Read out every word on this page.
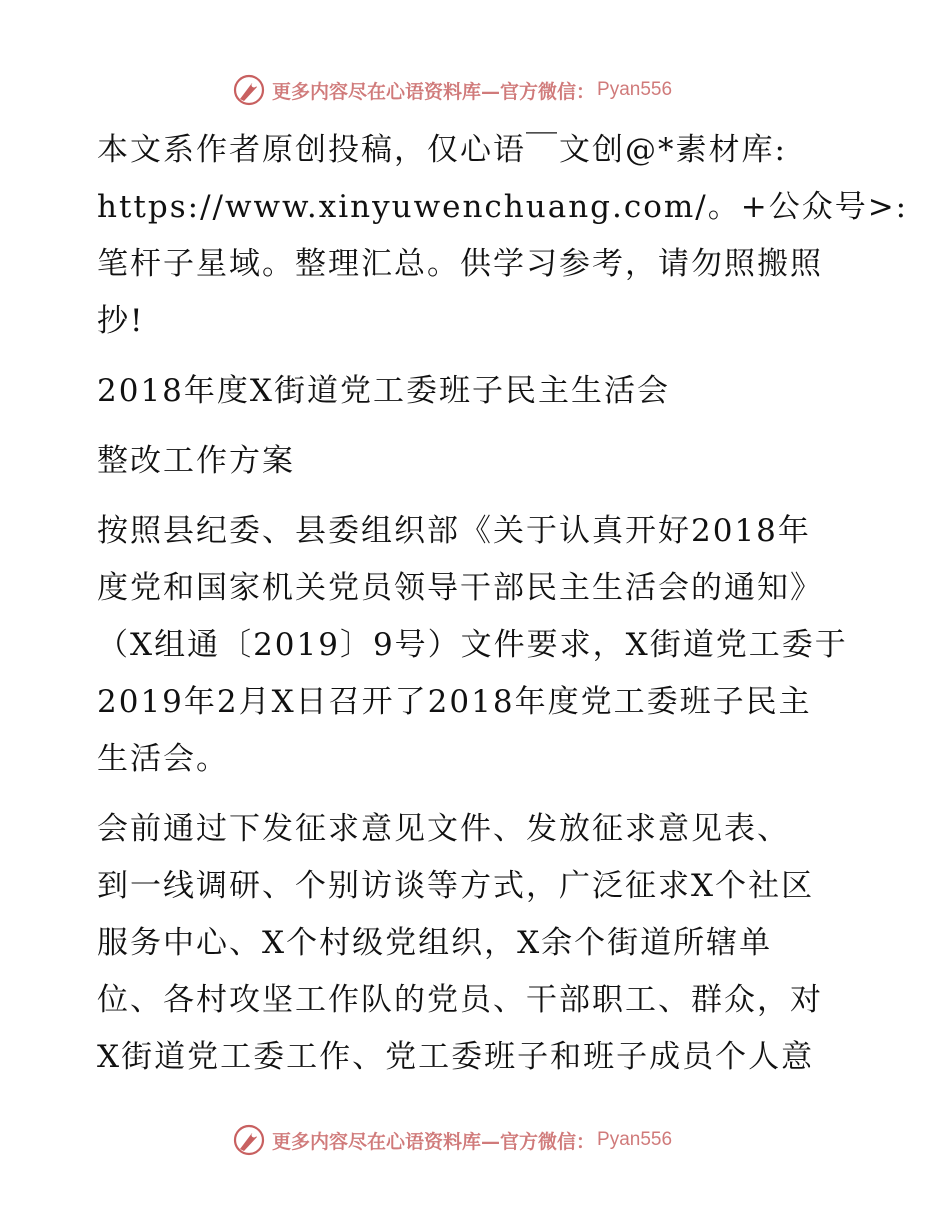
更多内容尽在心语资料库—官方微信： Pyan556

本文系作者原创投稿，仅心语￣文创@*素材库:
https://www.xinyuwenchuang.com/。+公众号>:
笔杆子星域。整理汇总。供学习参考，请勿照搬照
抄!

2018年度X街道党工委班子民主生活会

整改工作方案

按照县纪委、县委组织部《关于认真开好2018年
度党和国家机关党员领导干部民主生活会的通知》
（X组通〔2019〕9号）文件要求，X街道党工委于
2019年2月X日召开了2018年度党工委班子民主
生活会。

会前通过下发征求意见文件、发放征求意见表、
到一线调研、个别访谈等方式，广泛征求X个社区
服务中心、X个村级党组织，X余个街道所辖单
位、各村攻坚工作队的党员、干部职工、群众，对
X街道党工委工作、党工委班子和班子成员个人意

更多内容尽在心语资料库—官方微信： Pyan556
